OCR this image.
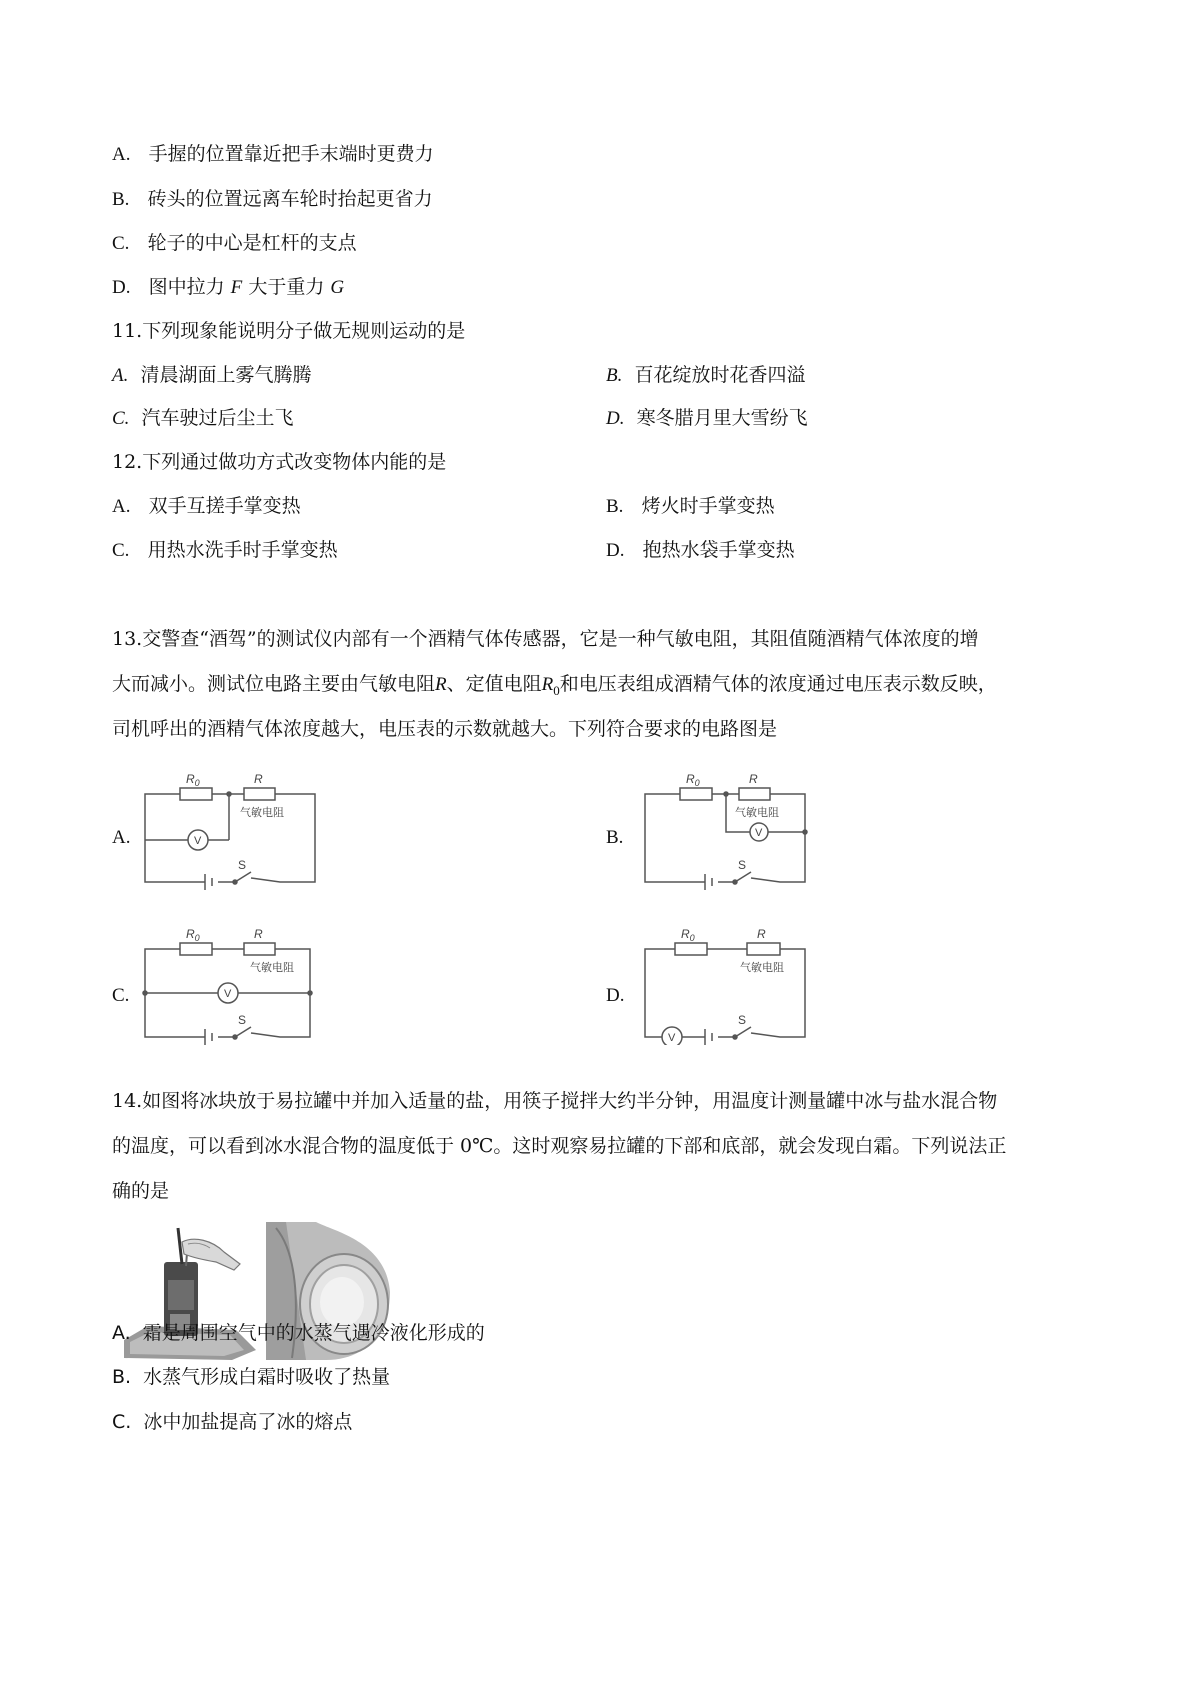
A. 手握的位置靠近把手末端时更费力
B. 砖头的位置远离车轮时抬起更省力
C. 轮子的中心是杠杆的支点
D. 图中拉力 F 大于重力 G
11.下列现象能说明分子做无规则运动的是
A. 清晨湖面上雾气腾腾	B. 百花绽放时花香四溢
C. 汽车驶过后尘土飞	D. 寒冬腊月里大雪纷飞
12.下列通过做功方式改变物体内能的是
A. 双手互搓手掌变热	B. 烤火时手掌变热
C. 用热水洗手时手掌变热	D. 抱热水袋手掌变热
13.交警查“酒驾”的测试仪内部有一个酒精气体传感器，它是一种气敏电阻，其阻值随酒精气体浓度的增
大而减小。测试位电路主要由气敏电阻R、定值电阻$R_0$和电压表组成酒精气体的浓度通过电压表示数反映，
司机呼出的酒精气体浓度越大，电压表的示数就越大。下列符合要求的电路图是
A.	B.
C.	D.
$R_0$	R
气敏电阻
V
S
$R_0$	R
气敏电阻
V
S
$R_0$	R
气敏电阻
V
S
$R_0$	R
气敏电阻
V
S
14.如图将冰块放于易拉罐中并加入适量的盐，用筷子搅拌大约半分钟，用温度计测量罐中冰与盐水混合物
的温度，可以看到冰水混合物的温度低于 0℃。这时观察易拉罐的下部和底部，就会发现白霜。下列说法正
确的是
A. 霜是周围空气中的水蒸气遇冷液化形成的
B. 水蒸气形成白霜时吸收了热量
C. 冰中加盐提高了冰的熔点
